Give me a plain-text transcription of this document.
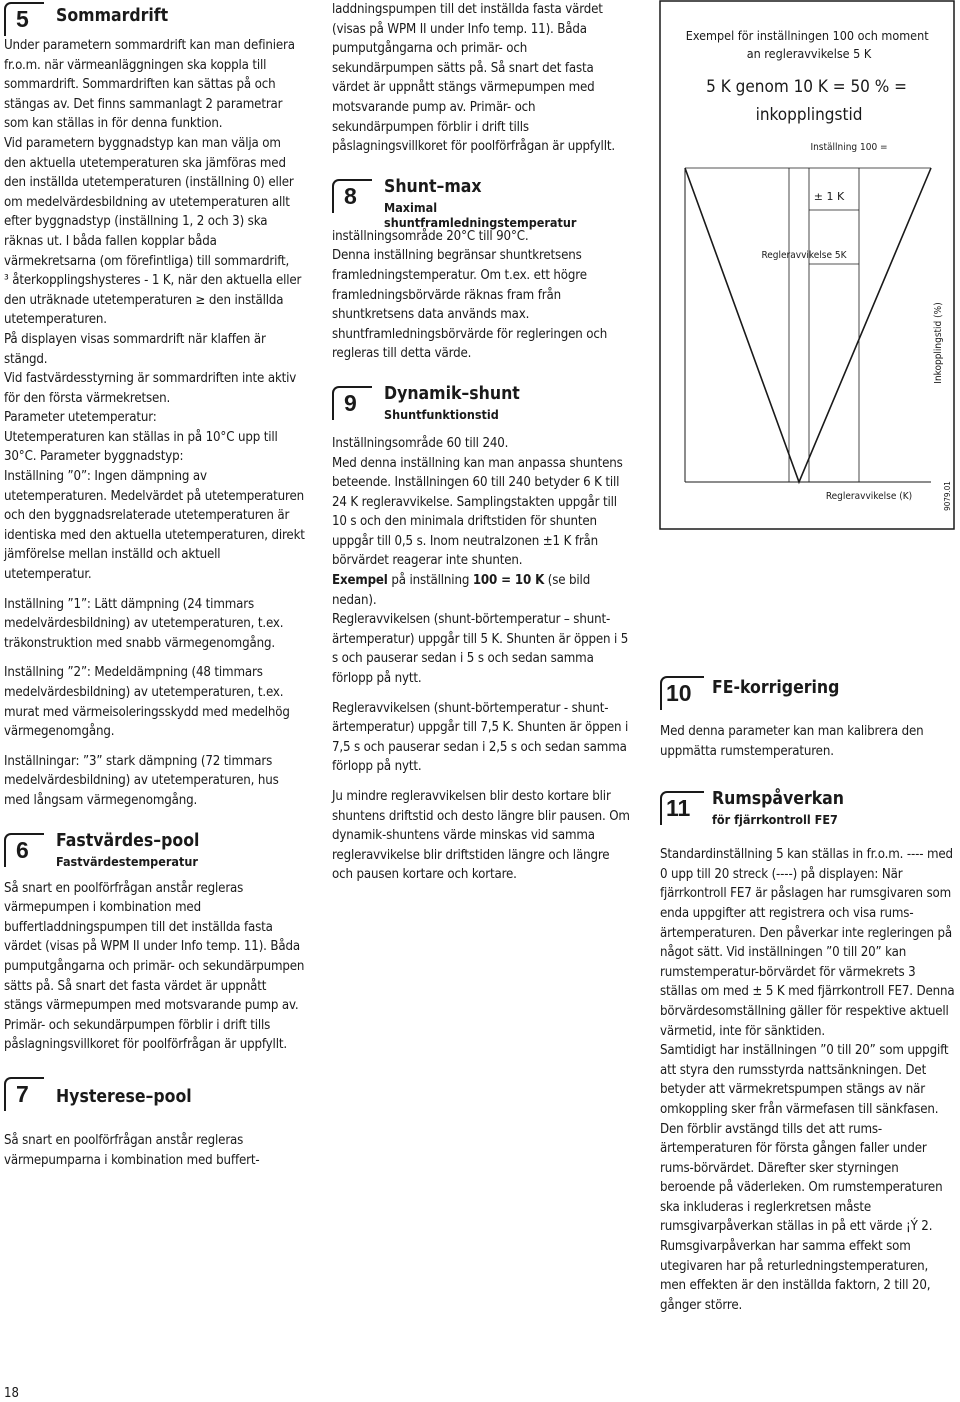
5	Sommardrift

Under parametern sommardrift kan man definiera fr.o.m. när värmeanläggningen ska koppla till sommardrift. Sommardriften kan sättas på och stängas av. Det finns sammanlagt 2 parametrar som kan ställas in för denna funktion.

Vid parametern byggnadstyp kan man välja om den aktuella utetemperaturen ska jämföras med den inställda utetemperaturen (inställning 0) eller om medelvärdesbildning av utetemperaturen allt efter byggnadstyp (inställning 1, 2 och 3) ska räknas ut. I båda fallen kopplar båda värmekretsarna (om förefintliga) till sommardrift,

³ återkopplingshysteres - 1 K, när den aktuella eller den uträknade utetemperaturen ≥ den inställda utetemperaturen.

På displayen visas sommardrift när klaffen är stängd.

Vid fastvärdesstyrning är sommardriften inte aktiv för den första värmekretsen.

Parameter utetemperatur:
Utetemperaturen kan ställas in på 10°C upp till 30°C. Parameter byggnadstyp:

Inställning ”0”: Ingen dämpning av utetemperaturen. Medelvärdet på utetemperaturen och den byggnadsrelaterade utetemperaturen är identiska med den aktuella utetemperaturen, direkt jämförelse mellan inställd och aktuell utetemperatur.

Inställning ”1”: Lätt dämpning (24 timmars medelvärdesbildning) av utetemperaturen, t.ex. träkonstruktion med snabb värmegenomgång.

Inställning ”2”: Medeldämpning (48 timmars medelvärdesbildning) av utetemperaturen, t.ex. murat med värmeisoleringsskydd med medelhög värmegenomgång.

Inställningar: ”3” stark dämpning (72 timmars medelvärdesbildning) av utetemperaturen, hus med långsam värmegenomgång.

6	Fastvärdes–pool
Fastvärdestemperatur

Så snart en poolförfrågan anstår regleras värmepumpen i kombination med buffertladdningspumpen till det inställda fasta värdet (visas på WPM II under Info temp. 11). Båda pumputgångarna och primär- och sekundärpumpen sätts på. Så snart det fasta värdet är uppnått stängs värmepumpen med motsvarande pump av. Primär- och sekundärpumpen förblir i drift tills påslagningsvillkoret för poolförfrågan är uppfyllt.

7	Hysterese–pool

Så snart en poolförfrågan anstår regleras värmepumparna i kombination med buffert-

laddningspumpen till det inställda fasta värdet (visas på WPM II under Info temp. 11). Båda pumputgångarna och primär- och sekundärpumpen sätts på. Så snart det fasta värdet är uppnått stängs värmepumpen med motsvarande pump av. Primär- och sekundärpumpen förblir i drift tills påslagningsvillkoret för poolförfrågan är uppfyllt.

8	Shunt–max
Maximal shuntframledningstemperatur

inställningsområde 20°C till 90°C.

Denna inställning begränsar shuntkretsens framledningstemperatur. Om t.ex. ett högre framledningsbörvärde räknas fram från shuntkretsens data används max. shuntframledningsbörvärde för regleringen och regleras till detta värde.

9	Dynamik–shunt
Shuntfunktionstid

Inställningsområde 60 till 240.

Med denna inställning kan man anpassa shuntens beteende. Inställningen 60 till 240 betyder 6 K till 24 K regleravvikelse. Samplingstakten uppgår till 10 s och den minimala driftstiden för shunten uppgår till 0,5 s. Inom neutralzonen ±1 K från börvärdet reagerar inte shunten.

Exempel på inställning 100 = 10 K (se bild nedan).

Regleravvikelsen (shunt-börtemperatur – shunt-ärtemperatur) uppgår till 5 K. Shunten är öppen i 5 s och pauserar sedan i 5 s och sedan samma förlopp på nytt.

Regleravvikelsen (shunt-börtemperatur - shunt-ärtemperatur) uppgår till 7,5 K. Shunten är öppen i 7,5 s och pauserar sedan i 2,5 s och sedan samma förlopp på nytt.

Ju mindre regleravvikelsen blir desto kortare blir shuntens driftstid och desto längre blir pausen. Om dynamik-shuntens värde minskas vid samma regleravvikelse blir driftstiden längre och längre och pausen kortare och kortare.

Exempel för inställningen 100 och moment an regleravvikelse 5 K
5 K genom 10 K = 50 % = inkopplingstid
Inställning 100 =
± 1 K
Regleravvikelse 5K
Inkopplingstid (%)
Regleravvikelse (K)	9079.01
10	FE-korrigering

Med denna parameter kan man kalibrera den uppmätta rumstemperaturen.

11	Rumspåverkan
för fjärrkontroll FE7

Standardinställning 5 kan ställas in fr.o.m. ---- med 0 upp till 20 streck (----) på displayen: När fjärrkontroll FE7 är påslagen har rumsgivaren som enda uppgifter att registrera och visa rums-ärtemperaturen. Den påverkar inte regleringen på något sätt. Vid inställningen ”0 till 20” kan rumstemperatur-börvärdet för värmekrets 3 ställas om med ± 5 K med fjärrkontroll FE7. Denna börvärdesomställning gäller för respektive aktuell värmetid, inte för sänktiden.

Samtidigt har inställningen ”0 till 20” som uppgift att styra den rumsstyrda nattsänkningen. Det betyder att värmekretspumpen stängs av när omkoppling sker från värmefasen till sänkfasen. Den förblir avstängd tills det att rums-ärtemperaturen för första gången faller under rums-börvärdet. Därefter sker styrningen beroende på väderleken. Om rumstemperaturen ska inkluderas i reglerkretsen måste rumsgivarpåverkan ställas in på ett värde ¡Ý 2. Rumsgivarpåverkan har samma effekt som utegivaren har på returledningstemperaturen, men effekten är den inställda faktorn, 2 till 20, gånger större.

18
